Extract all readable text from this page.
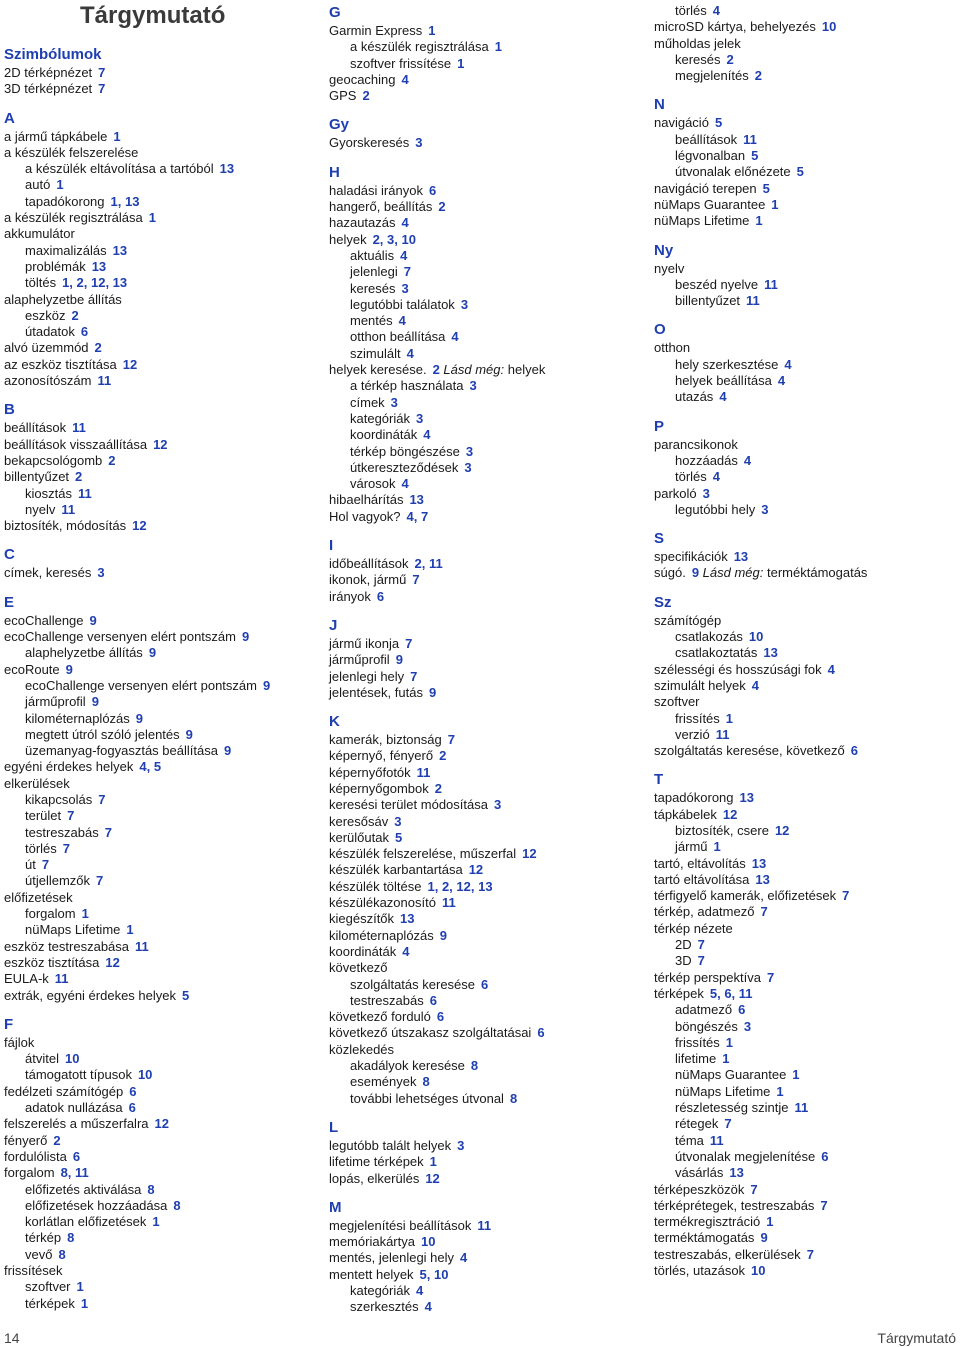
Tárgymutató
Szimbólumok
2D térképnézet 7
3D térképnézet 7
A
a jármű tápkábele 1
a készülék felszerelése
a készülék eltávolítása a tartóból 13
autó 1
tapadókorong 1, 13
a készülék regisztrálása 1
akkumulátor
maximalizálás 13
problémák 13
töltés 1, 2, 12, 13
alaphelyzetbe állítás
eszköz 2
útadatok 6
alvó üzemmód 2
az eszköz tisztítása 12
azonosítószám 11
B
beállítások 11
beállítások visszaállítása 12
bekapcsológomb 2
billentyűzet 2
kiosztás 11
nyelv 11
biztosíték, módosítás 12
C
címek, keresés 3
E
ecoChallenge 9
ecoChallenge versenyen elért pontszám 9
alaphelyzetbe állítás 9
ecoRoute 9
ecoChallenge versenyen elért pontszám 9
járműprofil 9
kilométernaplózás 9
megtett útról szóló jelentés 9
üzemanyag-fogyasztás beállítása 9
egyéni érdekes helyek 4, 5
elkerülések
kikapcsolás 7
terület 7
testreszabás 7
törlés 7
út 7
útjellemzők 7
előfizetések
forgalom 1
nüMaps Lifetime 1
eszköz testreszabása 11
eszköz tisztítása 12
EULA-k 11
extrák, egyéni érdekes helyek 5
F
fájlok
átvitel 10
támogatott típusok 10
fedélzeti számítógép 6
adatok nullázása 6
felszerelés a műszerfalra 12
fényerő 2
fordulólista 6
forgalom 8, 11
előfizetés aktiválása 8
előfizetések hozzáadása 8
korlátlan előfizetések 1
térkép 8
vevő 8
frissítések
szoftver 1
térképek 1
G
Garmin Express 1
a készülék regisztrálása 1
szoftver frissítése 1
geocaching 4
GPS 2
Gy
Gyorskeresés 3
H
haladási irányok 6
hangerő, beállítás 2
hazautazás 4
helyek 2, 3, 10
aktuális 4
jelenlegi 7
keresés 3
legutóbbi találatok 3
mentés 4
otthon beállítása 4
szimulált 4
helyek keresése. 2 Lásd még: helyek
a térkép használata 3
címek 3
kategóriák 3
koordináták 4
térkép böngészése 3
útkereszteződések 3
városok 4
hibaelhárítás 13
Hol vagyok? 4, 7
I
időbeállítások 2, 11
ikonok, jármű 7
irányok 6
J
jármű ikonja 7
járműprofil 9
jelenlegi hely 7
jelentések, futás 9
K
kamerák, biztonság 7
képernyő, fényerő 2
képernyőfotók 11
képernyőgombok 2
keresési terület módosítása 3
keresősáv 3
kerülőutak 5
készülék felszerelése, műszerfal 12
készülék karbantartása 12
készülék töltése 1, 2, 12, 13
készülékazonosító 11
kiegészítők 13
kilométernaplózás 9
koordináták 4
következő
szolgáltatás keresése 6
testreszabás 6
következő forduló 6
következő útszakasz szolgáltatásai 6
közlekedés
akadályok keresése 8
események 8
további lehetséges útvonal 8
L
legutóbb talált helyek 3
lifetime térképek 1
lopás, elkerülés 12
M
megjelenítési beállítások 11
memóriakártya 10
mentés, jelenlegi hely 4
mentett helyek 5, 10
kategóriák 4
szerkesztés 4
törlés 4
microSD kártya, behelyezés 10
műholdas jelek
keresés 2
megjelenítés 2
N
navigáció 5
beállítások 11
légvonalban 5
útvonalak előnézete 5
navigáció terepen 5
nüMaps Guarantee 1
nüMaps Lifetime 1
Ny
nyelv
beszéd nyelve 11
billentyűzet 11
O
otthon
hely szerkesztése 4
helyek beállítása 4
utazás 4
P
parancsikonok
hozzáadás 4
törlés 4
parkoló 3
legutóbbi hely 3
S
specifikációk 13
súgó. 9 Lásd még: terméktámogatás
Sz
számítógép
csatlakozás 10
csatlakoztatás 13
szélességi és hosszúsági fok 4
szimulált helyek 4
szoftver
frissítés 1
verzió 11
szolgáltatás keresése, következő 6
T
tapadókorong 13
tápkábelek 12
biztosíték, csere 12
jármű 1
tartó, eltávolítás 13
tartó eltávolítása 13
térfigyelő kamerák, előfizetések 7
térkép, adatmező 7
térkép nézete
2D 7
3D 7
térkép perspektíva 7
térképek 5, 6, 11
adatmező 6
böngészés 3
frissítés 1
lifetime 1
nüMaps Guarantee 1
nüMaps Lifetime 1
részletesség szintje 11
rétegek 7
téma 11
útvonalak megjelenítése 6
vásárlás 13
térképeszközök 7
térképrétegek, testreszabás 7
termékregisztráció 1
terméktámogatás 9
testreszabás, elkerülések 7
törlés, utazások 10
14	Tárgymutató
